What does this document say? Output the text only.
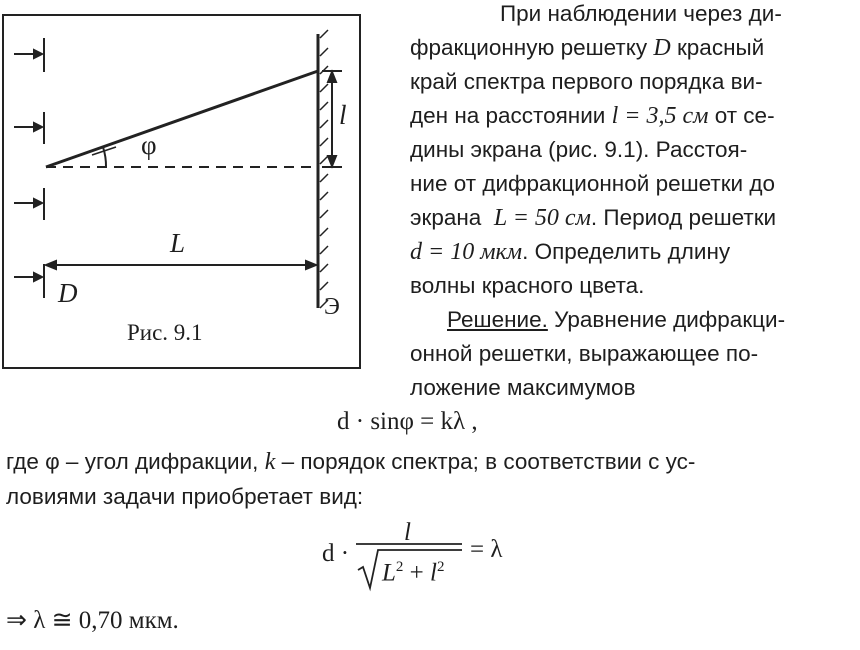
l
φ
L
D	Э
Рис. 9.1
При наблюдении через ди-
фракционную решетку D красный
край спектра первого порядка ви-
ден на расстоянии l = 3,5 см от се-
дины экрана (рис. 9.1). Расстоя-
ние от дифракционной решетки до
экрана L = 50 см. Период решетки
d = 10 мкм. Определить длину
волны красного цвета.
Решение. Уравнение дифракци-
онной решетки, выражающее по-
ложение максимумов
d · sinφ = kλ ,
где φ – угол дифракции, k – порядок спектра; в соответствии с ус-
ловиями задачи приобретает вид:
d ·
l
$L^2 + l^2$
= λ
⇒ λ ≅ 0,70 мкм.
